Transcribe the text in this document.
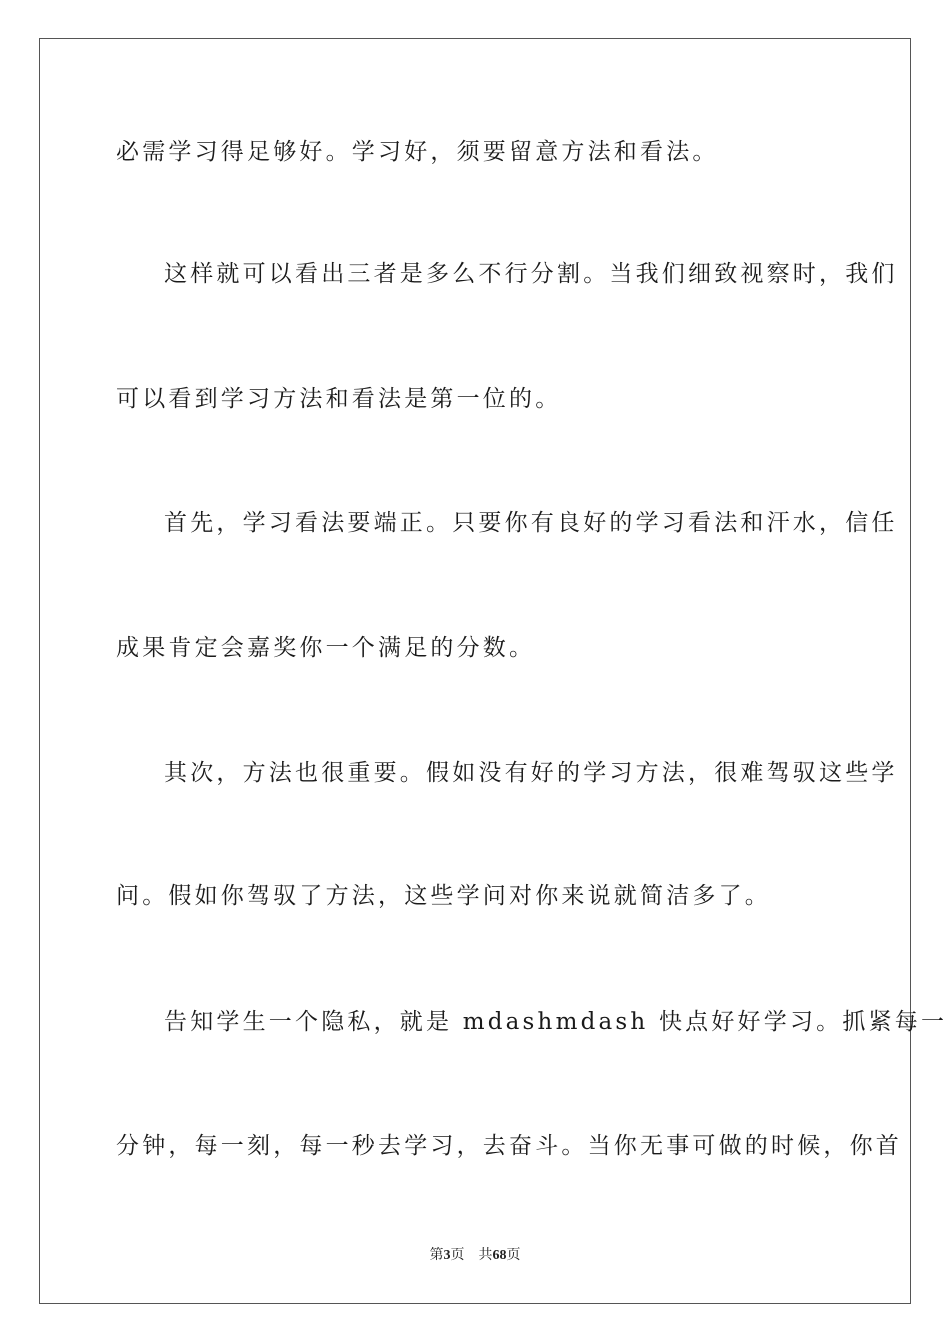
必需学习得足够好。学习好，须要留意方法和看法。
这样就可以看出三者是多么不行分割。当我们细致视察时，我们
可以看到学习方法和看法是第一位的。
首先，学习看法要端正。只要你有良好的学习看法和汗水，信任
成果肯定会嘉奖你一个满足的分数。
其次，方法也很重要。假如没有好的学习方法，很难驾驭这些学
问。假如你驾驭了方法，这些学问对你来说就简洁多了。
告知学生一个隐私，就是 mdashmdash 快点好好学习。抓紧每一
分钟，每一刻，每一秒去学习，去奋斗。当你无事可做的时候，你首
第3页 共68页
